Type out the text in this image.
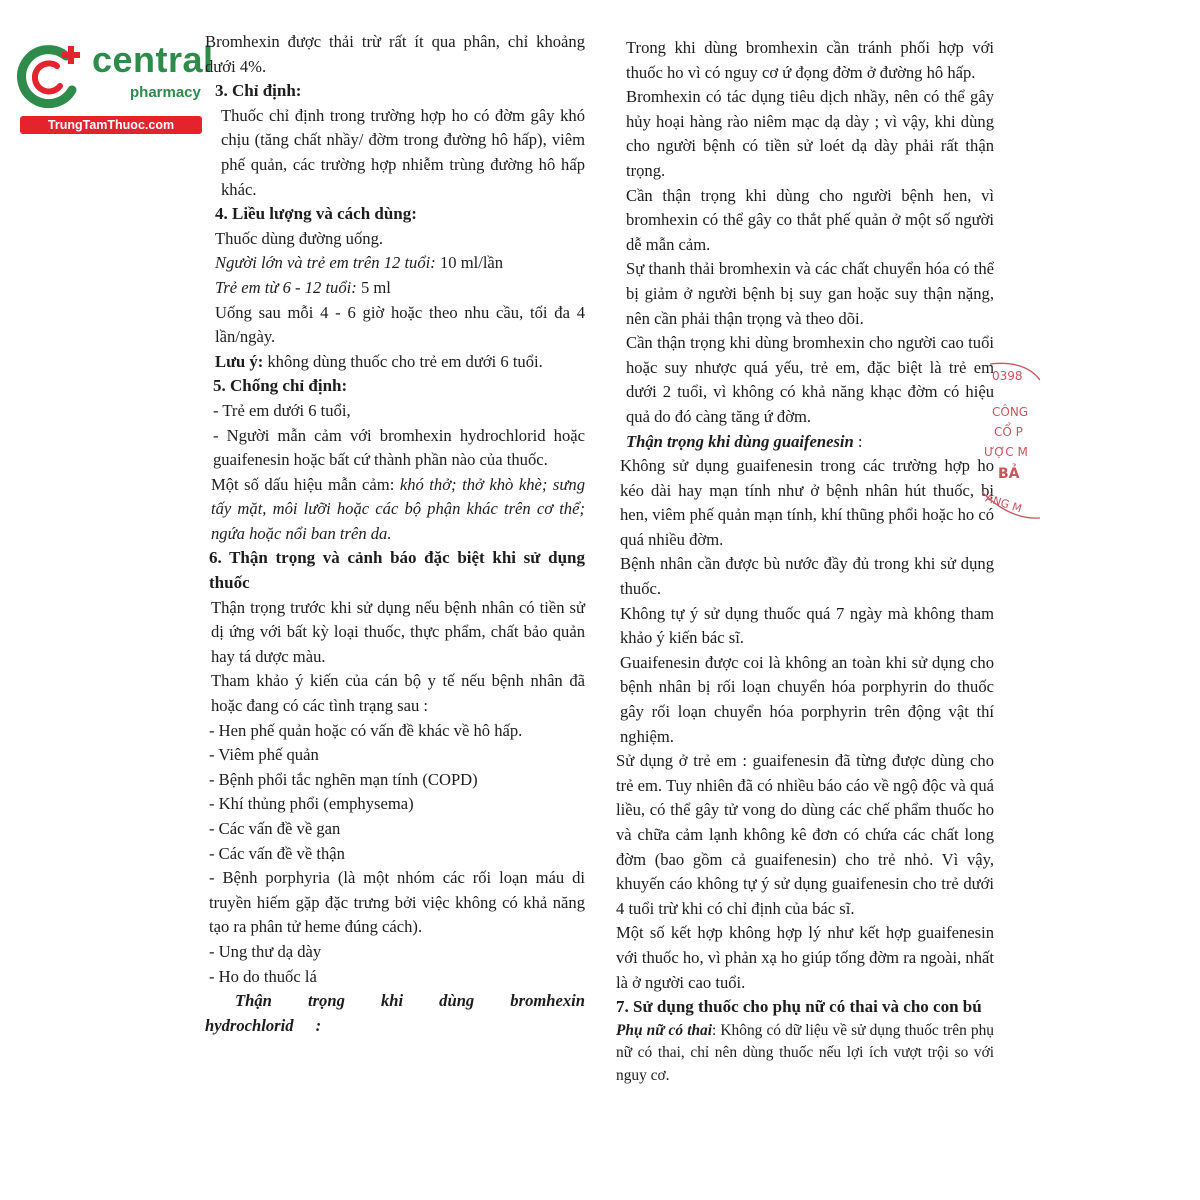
central
pharmacy
TrungTamThuoc.com

Bromhexin được thải trừ rất ít qua phân, chỉ khoảng dưới 4%.

3. Chỉ định:

Thuốc chỉ định trong trường hợp ho có đờm gây khó chịu (tăng chất nhầy/ đờm trong đường hô hấp), viêm phế quản, các trường hợp nhiễm trùng đường hô hấp khác.

4. Liều lượng và cách dùng:

Thuốc dùng đường uống.

Người lớn và trẻ em trên 12 tuổi: 10 ml/lần

Trẻ em từ 6 - 12 tuổi: 5 ml

Uống sau mỗi 4 - 6 giờ hoặc theo nhu cầu, tối đa 4 lần/ngày.

Lưu ý: không dùng thuốc cho trẻ em dưới 6 tuổi.

5. Chống chỉ định:

- Trẻ em dưới 6 tuổi,

- Người mẫn cảm với bromhexin hydrochlorid hoặc guaifenesin hoặc bất cứ thành phần nào của thuốc.

Một số dấu hiệu mẫn cảm: khó thở; thở khò khè; sưng tấy mặt, môi lưỡi hoặc các bộ phận khác trên cơ thể; ngứa hoặc nổi ban trên da.

6. Thận trọng và cảnh báo đặc biệt khi sử dụng thuốc

Thận trọng trước khi sử dụng nếu bệnh nhân có tiền sử dị ứng với bất kỳ loại thuốc, thực phẩm, chất bảo quản hay tá dược màu.

Tham khảo ý kiến của cán bộ y tế nếu bệnh nhân đã hoặc đang có các tình trạng sau :

- Hen phế quản hoặc có vấn đề khác về hô hấp.

- Viêm phế quản

- Bệnh phổi tắc nghẽn mạn tính (COPD)

- Khí thủng phổi (emphysema)

- Các vấn đề về gan

- Các vấn đề về thận

- Bệnh porphyria (là một nhóm các rối loạn máu di truyền hiếm gặp đặc trưng bởi việc không có khả năng tạo ra phân tử heme đúng cách).

- Ung thư dạ dày

- Ho do thuốc lá

Thận trọng khi dùng bromhexin hydrochlorid :

Trong khi dùng bromhexin cần tránh phối hợp với thuốc ho vì có nguy cơ ứ đọng đờm ở đường hô hấp.

Bromhexin có tác dụng tiêu dịch nhầy, nên có thể gây hủy hoại hàng rào niêm mạc dạ dày ; vì vậy, khi dùng cho người bệnh có tiền sử loét dạ dày phải rất thận trọng.

Cần thận trọng khi dùng cho người bệnh hen, vì bromhexin có thể gây co thắt phế quản ở một số người dễ mẫn cảm.

Sự thanh thải bromhexin và các chất chuyển hóa có thể bị giảm ở người bệnh bị suy gan hoặc suy thận nặng, nên cần phải thận trọng và theo dõi.

Cần thận trọng khi dùng bromhexin cho người cao tuổi hoặc suy nhược quá yếu, trẻ em, đặc biệt là trẻ em dưới 2 tuổi, vì không có khả năng khạc đờm có hiệu quả do đó càng tăng ứ đờm.

Thận trọng khi dùng guaifenesin :

Không sử dụng guaifenesin trong các trường hợp ho kéo dài hay mạn tính như ở bệnh nhân hút thuốc, bị hen, viêm phế quản mạn tính, khí thũng phổi hoặc ho có quá nhiều đờm.

Bệnh nhân cần được bù nước đầy đủ trong khi sử dụng thuốc.

Không tự ý sử dụng thuốc quá 7 ngày mà không tham khảo ý kiến bác sĩ.

Guaifenesin được coi là không an toàn khi sử dụng cho bệnh nhân bị rối loạn chuyển hóa porphyrin do thuốc gây rối loạn chuyển hóa porphyrin trên động vật thí nghiệm.

Sử dụng ở trẻ em : guaifenesin đã từng được dùng cho trẻ em. Tuy nhiên đã có nhiều báo cáo về ngộ độc và quá liều, có thể gây tử vong do dùng các chế phẩm thuốc ho và chữa cảm lạnh không kê đơn có chứa các chất long đờm (bao gồm cả guaifenesin) cho trẻ nhỏ. Vì vậy, khuyến cáo không tự ý sử dụng guaifenesin cho trẻ dưới 4 tuổi trừ khi có chỉ định của bác sĩ.

Một số kết hợp không hợp lý như kết hợp guaifenesin với thuốc ho, vì phản xạ ho giúp tống đờm ra ngoài, nhất là ở người cao tuổi.

7. Sử dụng thuốc cho phụ nữ có thai và cho con bú

Phụ nữ có thai: Không có dữ liệu về sử dụng thuốc trên phụ nữ có thai, chỉ nên dùng thuốc nếu lợi ích vượt trội so với nguy cơ.

0398
CÔNG
CỔ P
ƯỢC M
BẢ
ÀNG M
